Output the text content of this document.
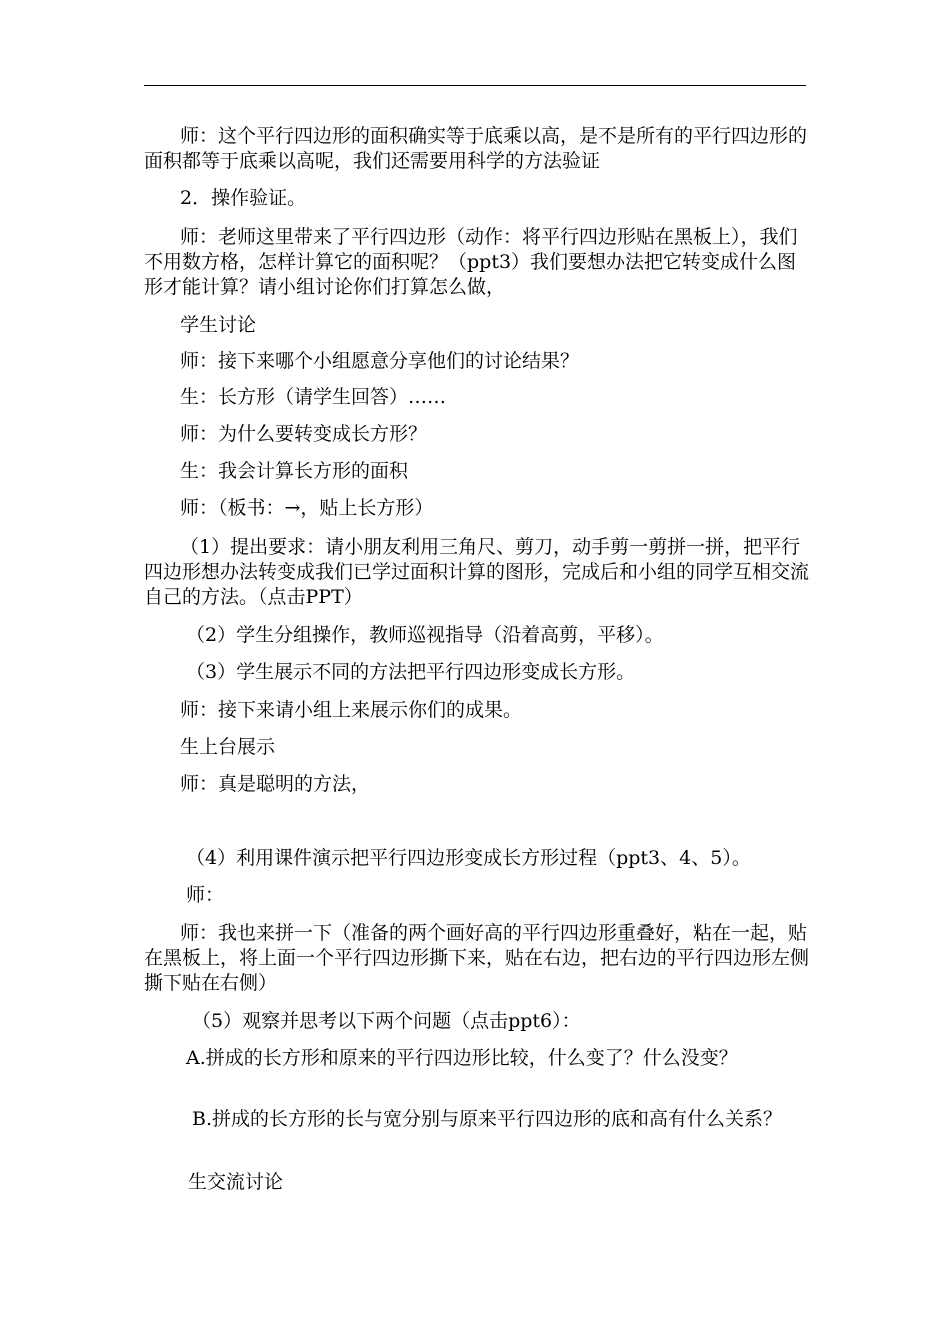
师：这个平行四边形的面积确实等于底乘以高，是不是所有的平行四边形的面积都等于底乘以高呢，我们还需要用科学的方法验证

2．操作验证。

师：老师这里带来了平行四边形（动作：将平行四边形贴在黑板上），我们不用数方格，怎样计算它的面积呢？（ppt3）我们要想办法把它转变成什么图形才能计算？请小组讨论你们打算怎么做，

学生讨论

师：接下来哪个小组愿意分享他们的讨论结果？

生：长方形（请学生回答）……

师：为什么要转变成长方形？

生：我会计算长方形的面积

师：（板书：→，贴上长方形）

（1）提出要求：请小朋友利用三角尺、剪刀，动手剪一剪拼一拼，把平行四边形想办法转变成我们已学过面积计算的图形，完成后和小组的同学互相交流自己的方法。（点击PPT）

（2）学生分组操作，教师巡视指导（沿着高剪，平移）。

（3）学生展示不同的方法把平行四边形变成长方形。

师：接下来请小组上来展示你们的成果。

生上台展示

师：真是聪明的方法，

（4）利用课件演示把平行四边形变成长方形过程（ppt3、4、5）。

师：

师：我也来拼一下（准备的两个画好高的平行四边形重叠好，粘在一起，贴在黑板上，将上面一个平行四边形撕下来，贴在右边，把右边的平行四边形左侧撕下贴在右侧）

（5）观察并思考以下两个问题（点击ppt6）：

A.拼成的长方形和原来的平行四边形比较，什么变了？什么没变？

B.拼成的长方形的长与宽分别与原来平行四边形的底和高有什么关系？

生交流讨论
